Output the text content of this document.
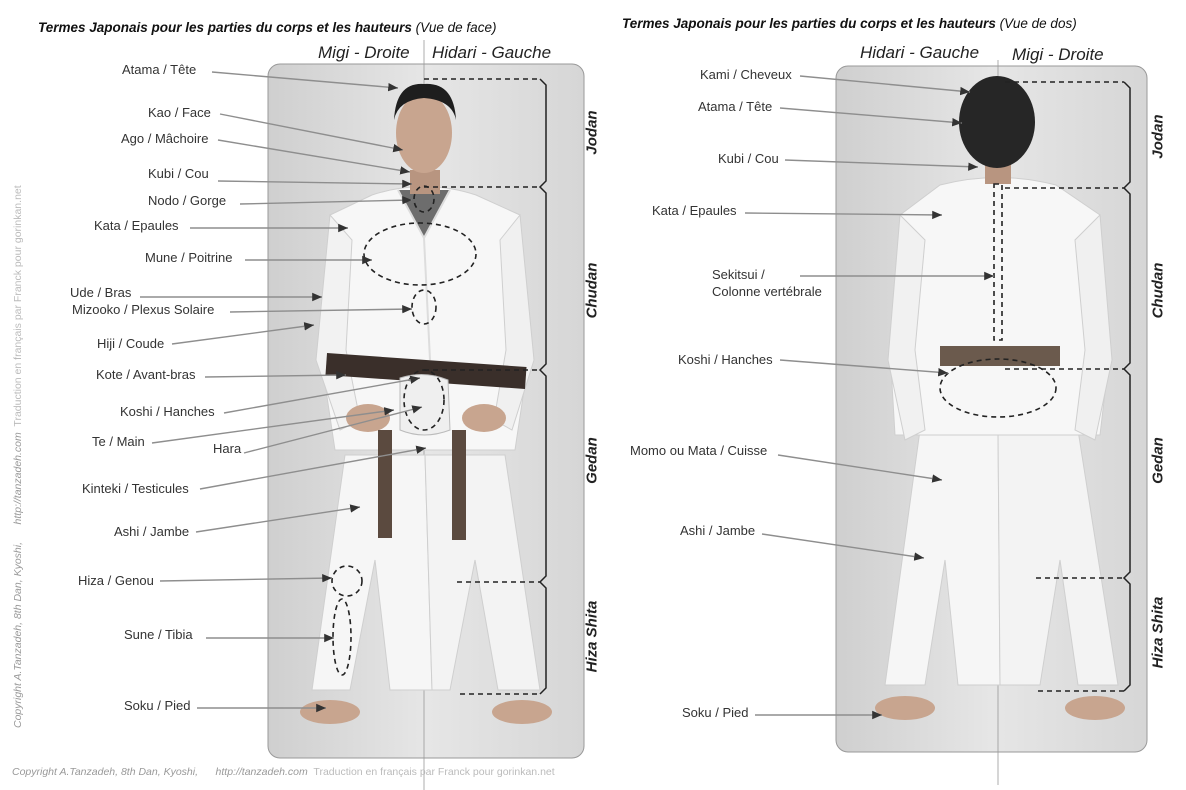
Termes Japonais pour les parties du corps et les hauteurs (Vue de face)	Termes Japonais pour les parties du corps et les hauteurs (Vue de dos)
Migi - Droite Hidari - Gauche	Hidari - Gauche Migi - Droite
Atama / Tête
Kao / Face
Ago / Mâchoire
Kubi / Cou
Nodo / Gorge
Kata / Epaules
Mune / Poitrine
Ude / Bras
Mizooko / Plexus Solaire
Hiji / Coude
Kote / Avant-bras
Koshi / Hanches
Te / Main	Hara
Kinteki / Testicules
Ashi / Jambe
Hiza / Genou
Sune / Tibia
Soku / Pied
Kami / Cheveux
Atama / Tête
Kubi / Cou
Kata / Epaules
Sekitsui /
Colonne vertébrale
Koshi / Hanches
Momo ou Mata / Cuisse
Ashi / Jambe
Soku / Pied
Jodan
Chudan
Gedan
Hiza Shita
Jodan
Chudan
Gedan
Hiza Shita
Copyright A.Tanzadeh, 8th Dan, Kyoshi,      http://tanzadeh.com  Traduction en français par Franck pour gorinkan.net
Copyright A.Tanzadeh, 8th Dan, Kyoshi, http://tanzadeh.com Traduction en français par Franck pour gorinkan.net
